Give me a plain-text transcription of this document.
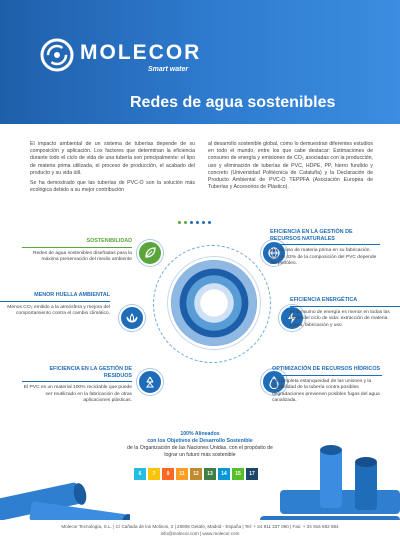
MOLECOR
Smart water
Redes de agua sostenibles

El impacto ambiental de un sistema de tuberías depende de su composición y aplicación. Los factores que determinan la eficiencia durante todo el ciclo de vida de una tubería son principalmente: el tipo de materia prima utilizada, el proceso de producción, el acabado del producto y su vida útil.

Se ha demostrado que las tuberías de PVC-O son la solución más ecológica debido a su mejor contribución

al desarrollo sostenible global, como lo demuestran diferentes estudios en todo el mundo, entre los que cabe destacar: Estimaciones de consumo de energía y emisiones de CO₂ asociadas con la producción, uso y eliminación de tuberías de PVC, HDPE, PP, hierro fundido y concreto (Universidad Politécnica de Cataluña) y la Declaración de Producto Ambiental de PVC-O TEPPFA (Asociación Europea de Tuberías y Accesorios de Plástico).

SOSTENIBILIDAD

Redes de agua sostenibles diseñadas para la máxima preservación del medio ambiente

MENOR HUELLA AMBIENTAL

Menos CO₂ emitido a la atmósfera y mejora del comportamiento contra el cambio climático.

EFICIENCIA EN LA GESTIÓN DE RESIDUOS

El PVC es un material 100% reciclable que puede ser reutilizado en la fabricación de otras aplicaciones plásticas.

EFICIENCIA EN LA GESTIÓN DE RECURSOS NATURALES

Menor uso de materia prima en su fabricación. Solo el 43% de la composición del PVC depende del petróleo.

EFICIENCIA ENERGÉTICA

El consumo de energía es menor en todas las fases del ciclo de vida: extracción de materia prima, fabricación y uso.

OPTIMIZACIÓN DE RECURSOS HÍDRICOS

La completa estanqueidad de las uniones y la durabilidad de la tubería contra posibles degradaciones previenen posibles fugas del agua canalizada.

100% Alineados
con los Objetivos de Desarrollo Sostenible
de la Organización de las Naciones Unidas, con el propósito de
lograr un futuro más sostenible
6	7	9	11	12	13	14	15	17
Molecor Tecnología, S.L. | C/ Cañada de los Molinos, 2 | 28906 Getafe, Madrid - España | Tel: + 34 911 337 090 | Fax: + 34 916 682 884
info@molecor.com | www.molecor.com
